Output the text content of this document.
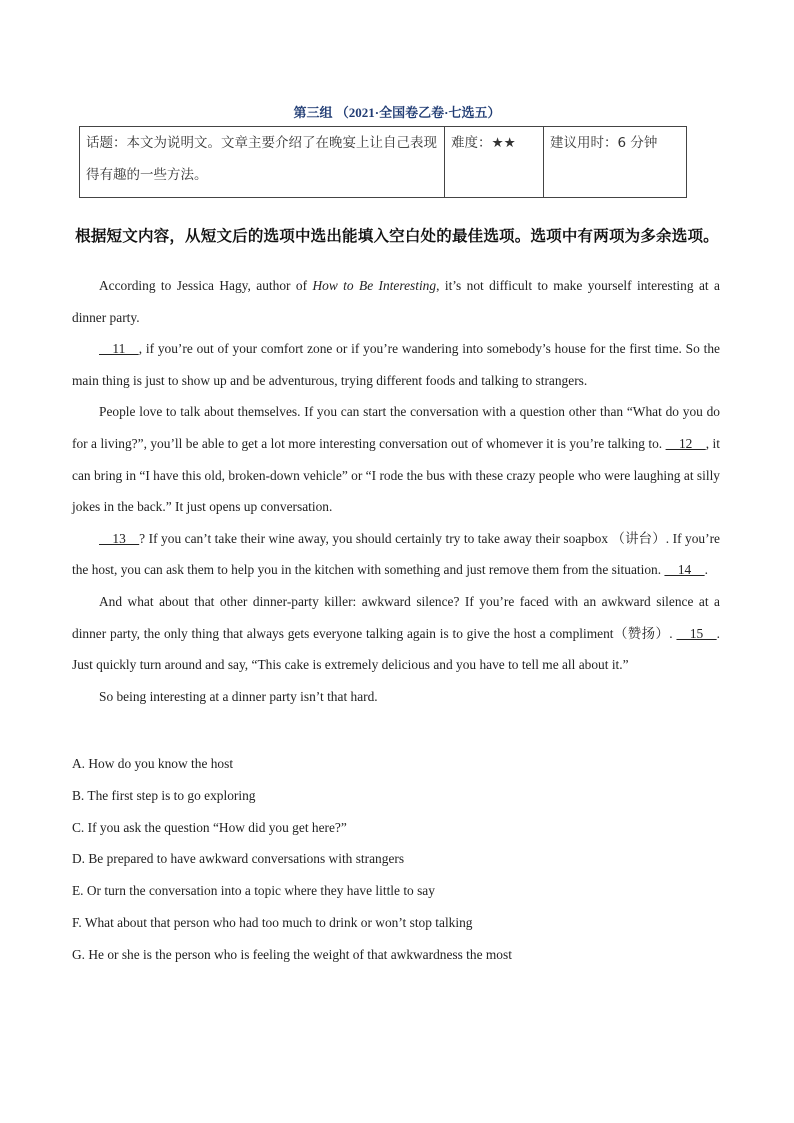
第三组 （2021·全国卷乙卷·七选五）
话题：本文为说明文。文章主要介绍了在晚宴上让自己表现得有趣的一些方法。	难度：★★	建议用时：6 分钟
根据短文内容，从短文后的选项中选出能填入空白处的最佳选项。选项中有两项为多余选项。

According to Jessica Hagy, author of How to Be Interesting, it’s not difficult to make yourself interesting at a dinner party.

11    , if you’re out of your comfort zone or if you’re wandering into somebody’s house for the first time. So the main thing is just to show up and be adventurous, trying different foods and talking to strangers.

People love to talk about themselves. If you can start the conversation with a question other than “What do you do for a living?”, you’ll be able to get a lot more interesting conversation out of whomever it is you’re talking to.     12    , it can bring in “I have this old, broken-down vehicle” or “I rode the bus with these crazy people who were laughing at silly jokes in the back.” It just opens up conversation.

13    ? If you can’t take their wine away, you should certainly try to take away their soapbox （讲台）. If you’re the host, you can ask them to help you in the kitchen with something and just remove them from the situation.     14    .

And what about that other dinner-party killer: awkward silence? If you’re faced with an awkward silence at a dinner party, the only thing that always gets everyone talking again is to give the host a compliment（赞扬）.     15    . Just quickly turn around and say, “This cake is extremely delicious and you have to tell me all about it.”

So being interesting at a dinner party isn’t that hard.

A. How do you know the host
B. The first step is to go exploring
C. If you ask the question “How did you get here?”
D. Be prepared to have awkward conversations with strangers
E. Or turn the conversation into a topic where they have little to say
F. What about that person who had too much to drink or won’t stop talking
G. He or she is the person who is feeling the weight of that awkwardness the most
